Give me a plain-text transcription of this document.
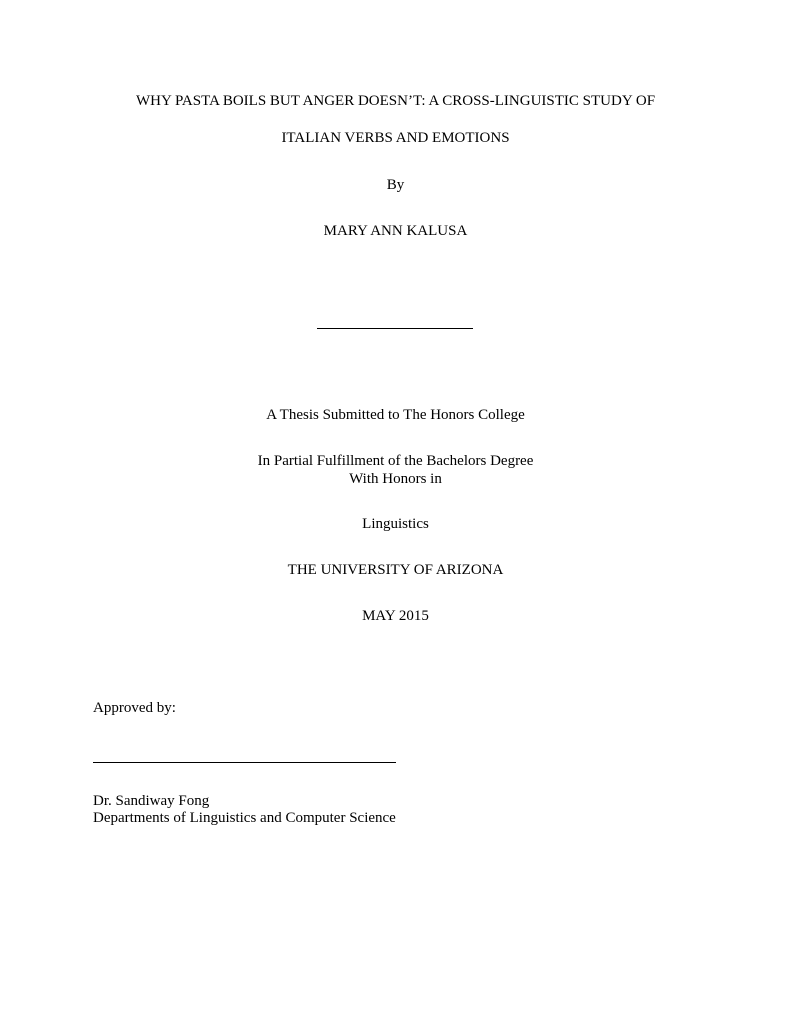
WHY PASTA BOILS BUT ANGER DOESN’T: A CROSS-LINGUISTIC STUDY OF
ITALIAN VERBS AND EMOTIONS
By
MARY ANN KALUSA
A Thesis Submitted to The Honors College
In Partial Fulfillment of the Bachelors Degree
With Honors in
Linguistics
THE UNIVERSITY OF ARIZONA
MAY 2015
Approved by:
Dr. Sandiway Fong
Departments of Linguistics and Computer Science
